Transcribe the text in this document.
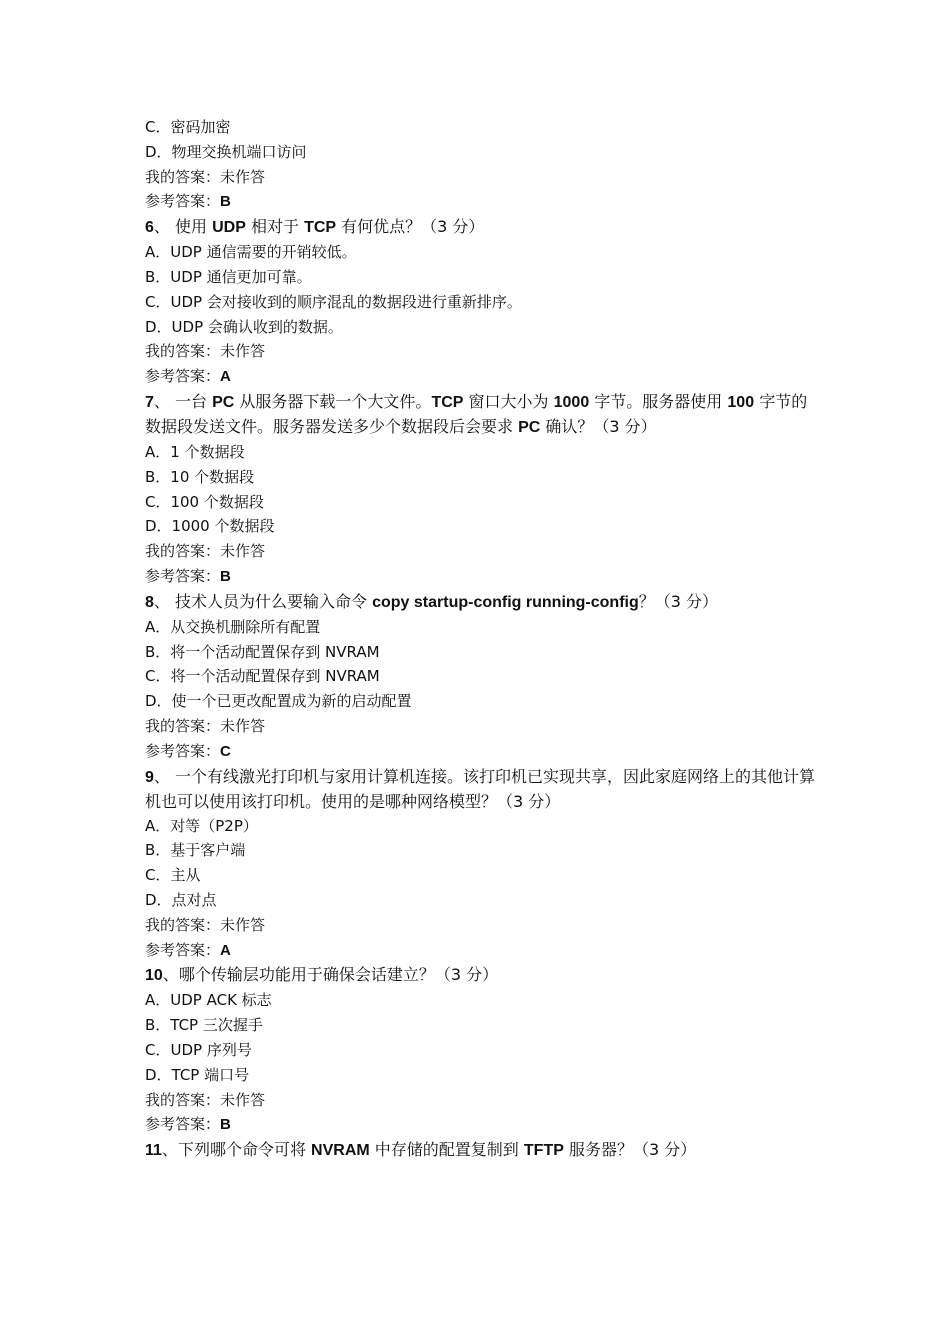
C．密码加密
D．物理交换机端口访问
我的答案：未作答
参考答案：B
6、 使用 UDP 相对于 TCP 有何优点？（3 分）
A．UDP 通信需要的开销较低。
B．UDP 通信更加可靠。
C．UDP 会对接收到的顺序混乱的数据段进行重新排序。
D．UDP 会确认收到的数据。
我的答案：未作答
参考答案：A
7、 一台 PC 从服务器下载一个大文件。TCP 窗口大小为 1000 字节。服务器使用 100 字节的数据段发送文件。服务器发送多少个数据段后会要求 PC 确认？（3 分）
A．1 个数据段
B．10 个数据段
C．100 个数据段
D．1000 个数据段
我的答案：未作答
参考答案：B
8、 技术人员为什么要输入命令 copy startup-config running-config？（3 分）
A．从交换机删除所有配置
B．将一个活动配置保存到 NVRAM
C．将一个活动配置保存到 NVRAM
D．使一个已更改配置成为新的启动配置
我的答案：未作答
参考答案：C
9、 一个有线激光打印机与家用计算机连接。该打印机已实现共享，因此家庭网络上的其他计算机也可以使用该打印机。使用的是哪种网络模型？（3 分）
A．对等（P2P）
B．基于客户端
C．主从
D．点对点
我的答案：未作答
参考答案：A
10、哪个传输层功能用于确保会话建立？（3 分）
A．UDP ACK 标志
B．TCP 三次握手
C．UDP 序列号
D．TCP 端口号
我的答案：未作答
参考答案：B
11、下列哪个命令可将 NVRAM 中存储的配置复制到 TFTP 服务器？（3 分）
